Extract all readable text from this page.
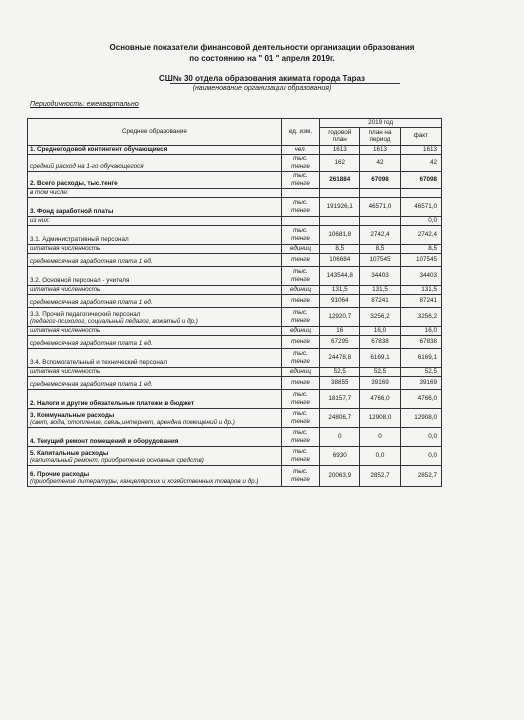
Основные показатели финансовой деятельности организации образования
по состоянию на " 01 " апреля 2019г.
СШ№ 30 отдела образования акимата города Тараз
(наименование организации образования)
Периодичность: ежеквартально
Среднее образование	ед. изм.	2019 год		
		годовой план	план на период	факт

1. Среднегодовой контингент обучающиеся	чел.	1613	1613	1613

средний расход на 1-го обучающегося	тыс. тенге	162	42	42

2. Всего расходы, тыс.тенге	тыс. тенге	261884	67098	67098

в том числе:				

3. Фонд заработной платы	тыс. тенге	191926,1	46571,0	46571,0

из них:				0,0

3.1. Административный персонал	тыс. тенге	10681,8	2742,4	2742,4

штатная численность	единиц	8,5	8,5	8,5

среднемесячная заработная плата 1 ед.	тенге	106684	107545	107545

3.2. Основной персонал - учителя	тыс. тенге	143544,8	34403	34403

штатная численность	единиц	131,5	131,5	131,5

среднемесячная заработная плата 1 ед.	тенге	91064	87241	87241

3.3. Прочий педагогический персонал
(педагог-психолог, социальный педагог, вожатый и др.)	тыс. тенге	12920,7	3256,2	3256,2

штатная численность	единиц	16	16,0	16,0

среднемесячная заработная плата 1 ед.	тенге	67295	67838	67838

3.4. Вспомогательный и технический персонал	тыс. тенге	24478,8	6169,1	6169,1

штатная численность	единиц	52,5	52,5	52,5

среднемесячная заработная плата 1 ед.	тенге	38855	39169	39169

2. Налоги и другие обязательные платежи в бюджет	тыс. тенге	18157,7	4766,0	4766,0

3. Коммунальные расходы
(свет, вода, отопление, связь,интернет, арендна помещений и др.)	тыс. тенге	24806,7	12908,0	12908,0

4. Текущий ремонт помещений и оборудования	тыс. тенге	0	0	0,0

5. Капитальные расходы
(капитальный ремонт, приобретение основных средств)	тыс. тенге	6930	0,0	0,0

6. Прочие расходы
(приобретение литературы, канцелярских и хозяйственных товаров и др.)	тыс. тенге	20063,9	2852,7	2852,7
